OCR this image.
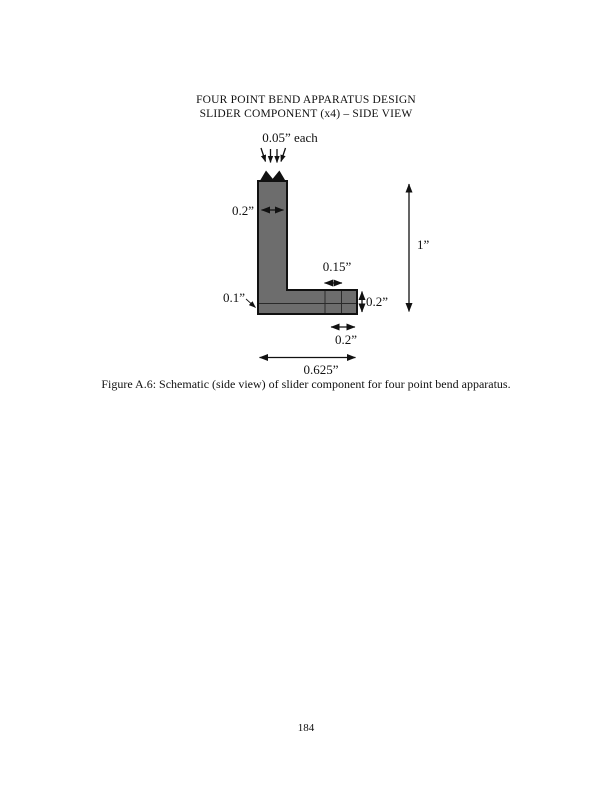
FOUR POINT BEND APPARATUS DESIGN
SLIDER COMPONENT (x4) – SIDE VIEW
0.05” each
0.2”
0.15”
0.1”	0.2”
0.2”
0.625”
1”
Figure A.6: Schematic (side view) of slider component for four point bend apparatus.
184
